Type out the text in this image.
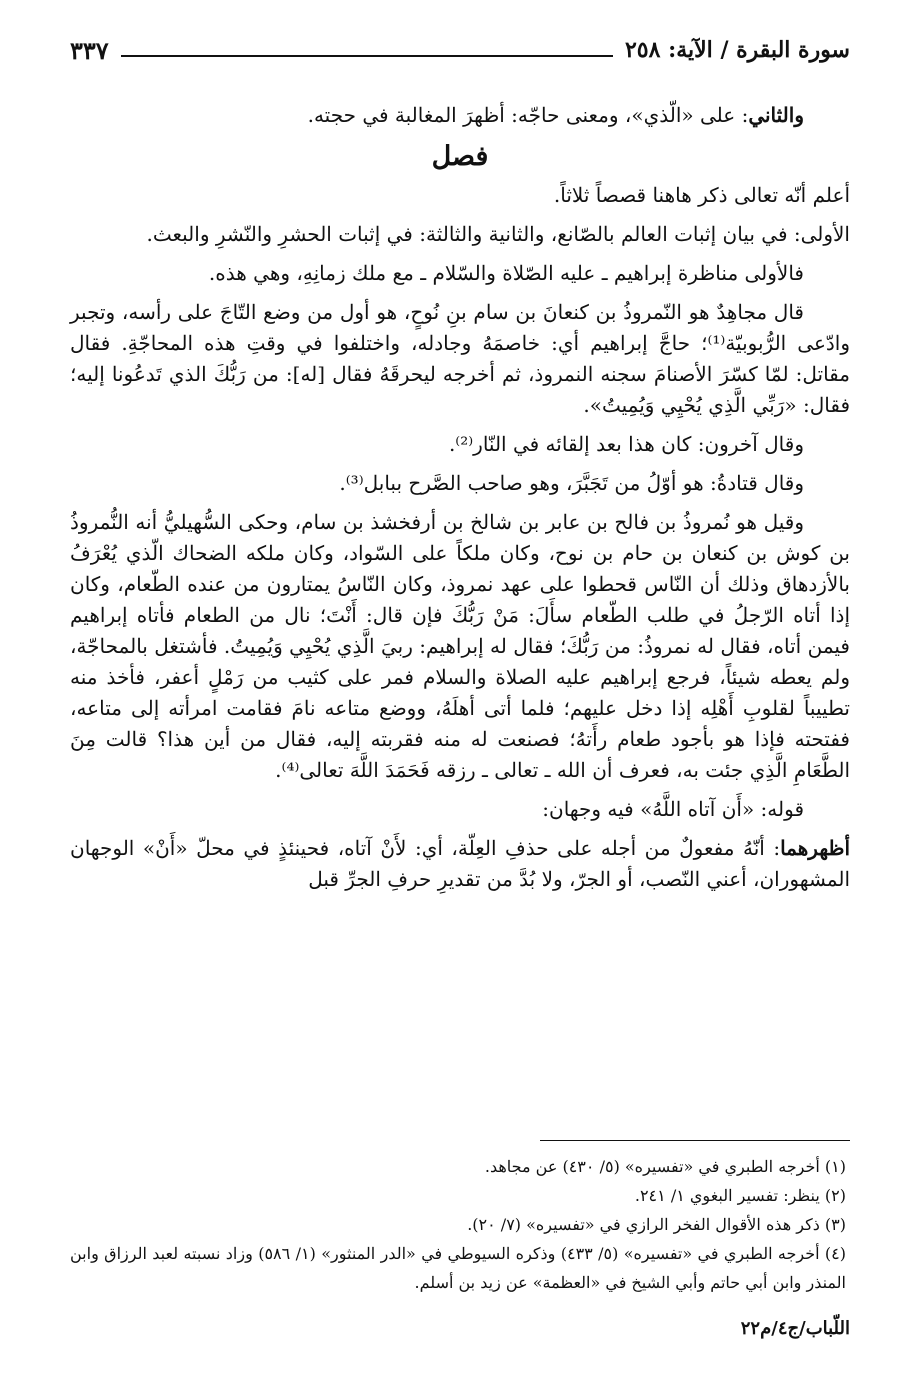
سورة البقرة / الآية: ٢٥٨
٣٣٧

والثاني: على «الّذي»، ومعنى حاجّه: أظهرَ المغالبة في حجته.

فصل

أعلم أنّه تعالى ذكر هاهنا قصصاً ثلاثاً.

الأولى: في بيان إثبات العالم بالصّانع، والثانية والثالثة: في إثبات الحشرِ والنّشرِ والبعث.

فالأولى مناظرة إبراهيم ـ عليه الصّلاة والسّلام ـ مع ملك زمانِهِ، وهي هذه.

قال مجاهِدٌ هو النّمروذُ بن كنعانَ بن سام بنِ نُوحٍ، هو أول من وضع التّاجَ على رأسه، وتجبر وادّعى الرُّبوبيّة⁽¹⁾؛ حاجَّ إبراهيم أي: خاصمَهُ وجادله، واختلفوا في وقتِ هذه المحاجّةِ. فقال مقاتل: لمّا كسّرَ الأصنامَ سجنه النمروذ، ثم أخرجه ليحرقَهُ فقال [له]: من رَبُّكَ الذي تَدعُونا إليه؛ فقال: «رَبِّي الَّذِي يُحْيِي وَيُمِيتُ».

وقال آخرون: كان هذا بعد إلقائه في النّار⁽²⁾.

وقال قتادةُ: هو أوّلُ من تَجَبَّرَ، وهو صاحب الصَّرح ببابل⁽³⁾.

وقيل هو نُمروذُ بن فالح بن عابر بن شالخ بن أرفخشذ بن سام، وحكى السُّهيليُّ أنه النُّمروذُ بن كوش بن كنعان بن حام بن نوح، وكان ملكاً على السّواد، وكان ملكه الضحاك الّذي يُعْرَفُ بالأزدهاق وذلك أن النّاس قحطوا على عهد نمروذ، وكان النّاسُ يمتارون من عنده الطّعام، وكان إذا أتاه الرّجلُ في طلب الطّعام سأَلَ: مَنْ رَبُّكَ فإن قال: أَنْتَ؛ نال من الطعام فأتاه إبراهيم فيمن أتاه، فقال له نمروذُ: من رَبُّكَ؛ فقال له إبراهيم: ربيَ الَّذِي يُحْيِي وَيُمِيتُ. فأشتغل بالمحاجّة، ولم يعطه شيئاً، فرجع إبراهيم عليه الصلاة والسلام فمر على كثيب من رَمْلٍ أعفر، فأخذ منه تطييباً لقلوبِ أَهْلِه إذا دخل عليهم؛ فلما أتى أهلَهُ، ووضع متاعه نامَ فقامت امرأته إلى متاعه، ففتحته فإذا هو بأجود طعام رأَتهُ؛ فصنعت له منه فقربته إليه، فقال من أين هذا؟ قالت مِنَ الطَّعَامِ الَّذِي جئت به، فعرف أن الله ـ تعالى ـ رزقه فَحَمَدَ اللَّهَ تعالى⁽⁴⁾.

قوله: «أَن آتاه اللَّهُ» فيه وجهان:

أظهرهما: أنّهُ مفعولٌ من أجله على حذفِ العِلّة، أي: لأَنْ آتاه، فحينئذٍ في محلّ «أَنْ» الوجهان المشهوران، أعني النّصب، أو الجرّ، ولا بُدَّ من تقديرِ حرفِ الجرِّ قبل

(١) أخرجه الطبري في «تفسيره» (٥/ ٤٣٠) عن مجاهد.

(٢) ينظر: تفسير البغوي ١/ ٢٤١.

(٣) ذكر هذه الأقوال الفخر الرازي في «تفسيره» (٧/ ٢٠).

(٤) أخرجه الطبري في «تفسيره» (٥/ ٤٣٣) وذكره السيوطي في «الدر المنثور» (١/ ٥٨٦) وزاد نسبته لعبد الرزاق وابن المنذر وابن أبي حاتم وأبي الشيخ في «العظمة» عن زيد بن أسلم.

اللّباب/ج٤/م٢٢
